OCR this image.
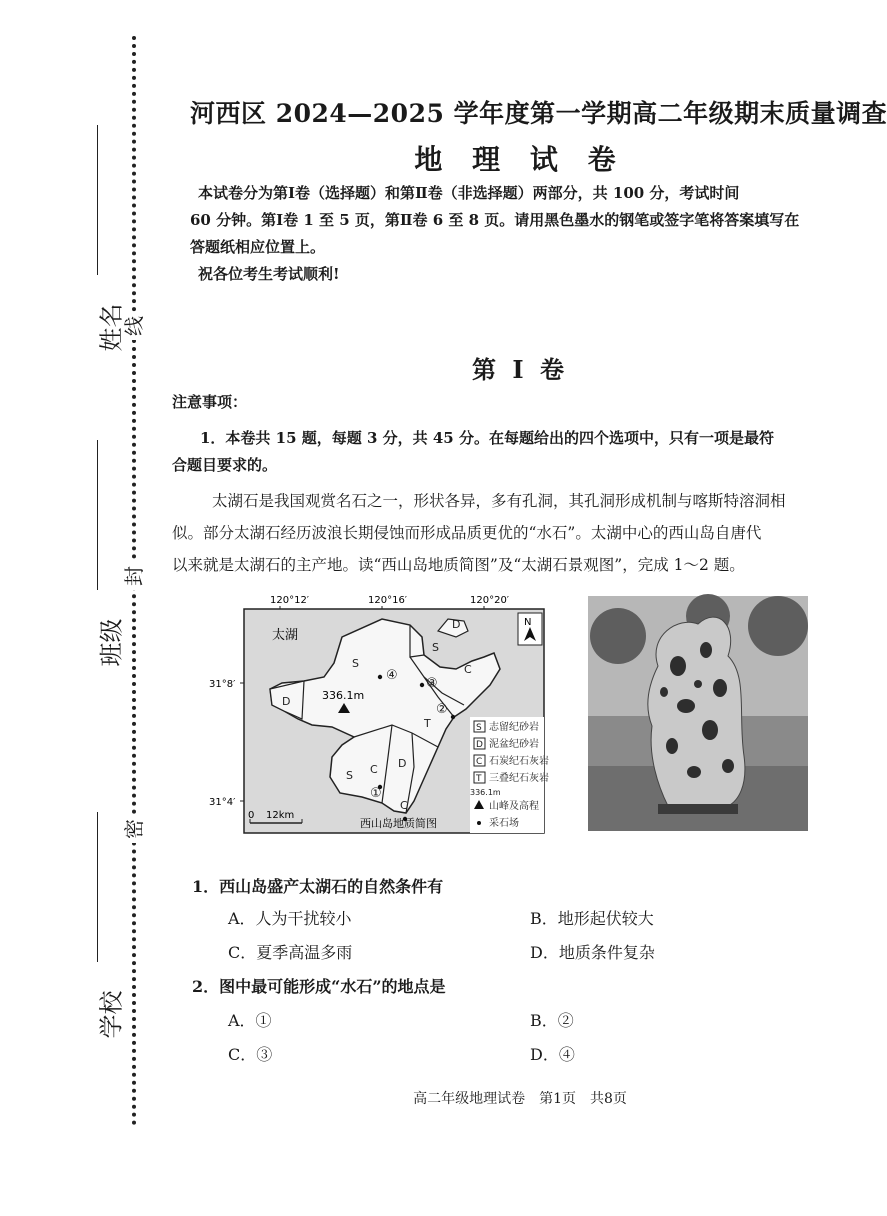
线
封
密
姓名
班级
学校
河西区 2024—2025 学年度第一学期高二年级期末质量调查
地 理 试 卷
本试卷分为第Ⅰ卷（选择题）和第Ⅱ卷（非选择题）两部分，共 100 分，考试时间
60 分钟。第Ⅰ卷 1 至 5 页，第Ⅱ卷 6 至 8 页。请用黑色墨水的钢笔或签字笔将答案填写在
答题纸相应位置上。
祝各位考生考试顺利!
第 Ⅰ 卷
注意事项：
1．本卷共 15 题，每题 3 分，共 45 分。在每题给出的四个选项中，只有一项是最符
合题目要求的。
太湖石是我国观赏名石之一，形状各异，多有孔洞，其孔洞形成机制与喀斯特溶洞相
似。部分太湖石经历波浪长期侵蚀而形成品质更优的“水石”。太湖中心的西山岛自唐代
以来就是太湖石的主产地。读“西山岛地质简图”及“太湖石景观图”，完成 1～2 题。
120°12′	120°16′	120°20′
31°8′
31°4′
太湖
S
D
S
C
D
T
S C D
C
①
②
③
④
336.1m
N
0 12km
西山岛地质简图
S 志留纪砂岩
D 泥盆纪砂岩
C 石炭纪石灰岩
T 三叠纪石灰岩
336.1m
山峰及高程
采石场
1．西山岛盛产太湖石的自然条件有
A．人为干扰较小	B．地形起伏较大
C．夏季高温多雨	D．地质条件复杂
2．图中最可能形成“水石”的地点是
A．①	B．②
C．③	D．④
高二年级地理试卷　第1页　共8页
